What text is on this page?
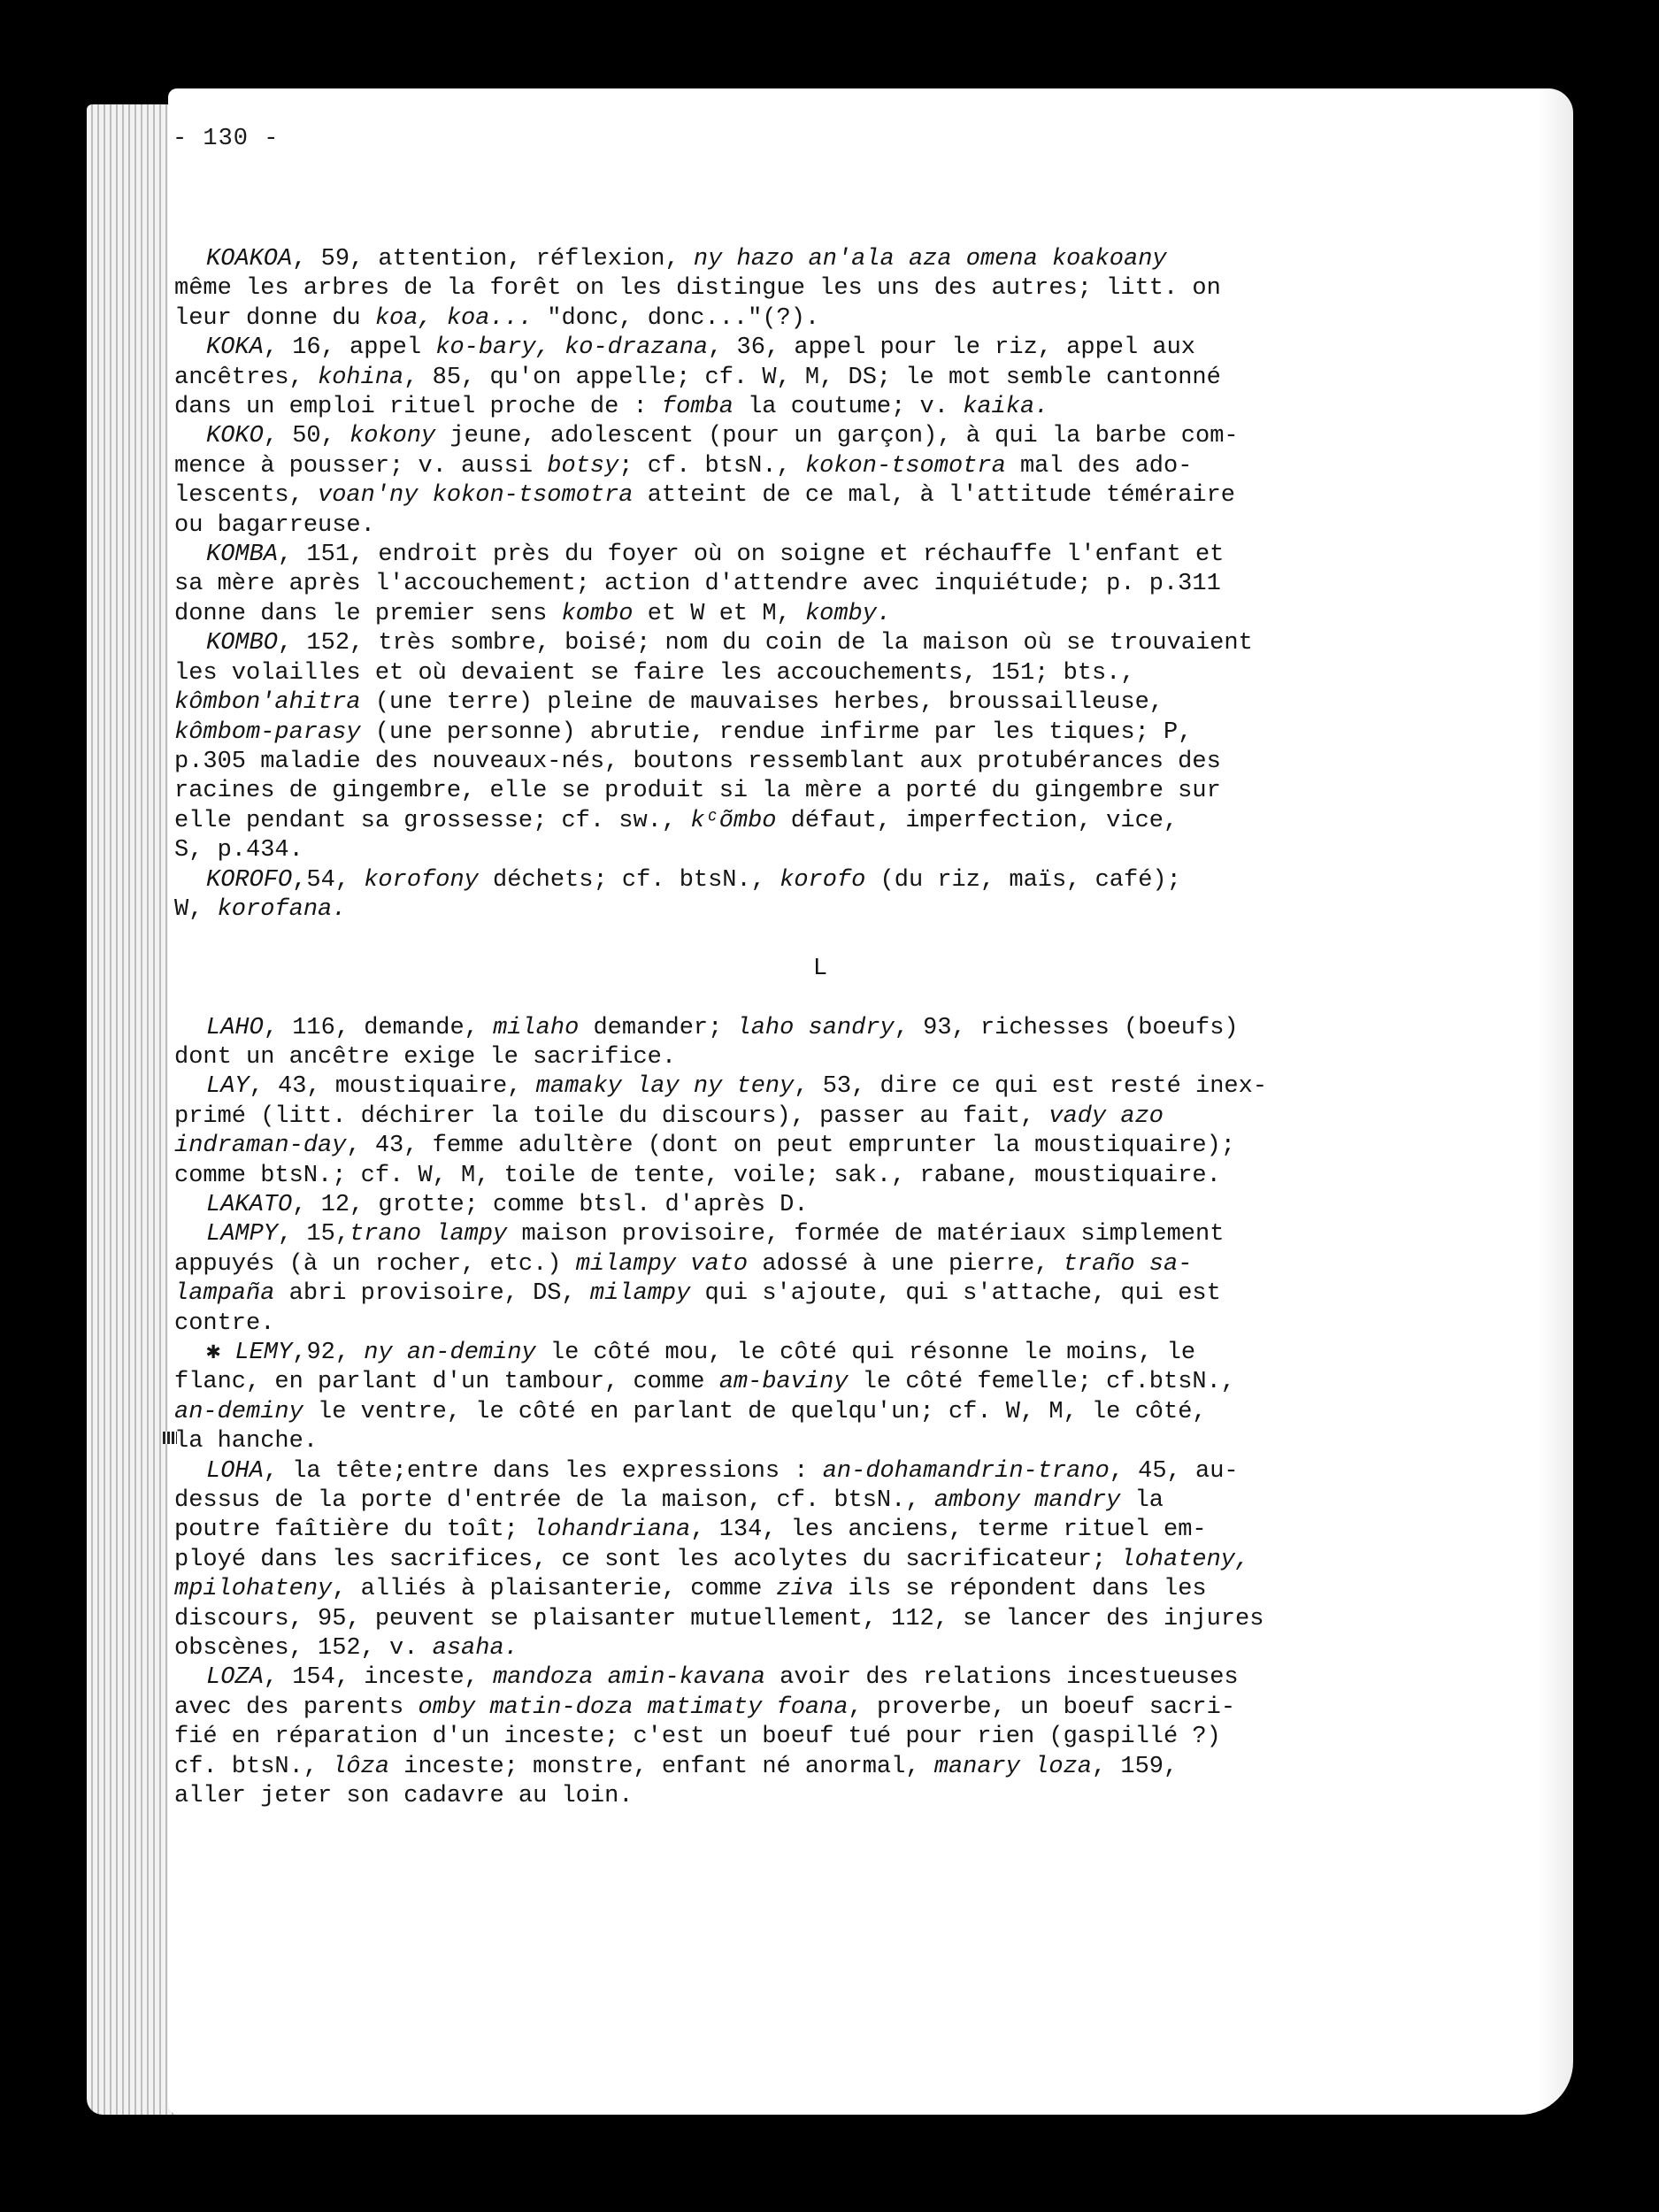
- 130 -

KOAKOA, 59, attention, réflexion, ny hazo an'ala aza omena koakoany

même les arbres de la forêt on les distingue les uns des autres; litt. on

leur donne du koa, koa... "donc, donc..."(?).

KOKA, 16, appel ko-bary, ko-drazana, 36, appel pour le riz, appel aux

ancêtres, kohina, 85, qu'on appelle; cf. W, M, DS; le mot semble cantonné

dans un emploi rituel proche de : fomba la coutume; v. kaika.

KOKO, 50, kokony jeune, adolescent (pour un garçon), à qui la barbe com-

mence à pousser; v. aussi botsy; cf. btsN., kokon-tsomotra mal des ado-

lescents, voan'ny kokon-tsomotra atteint de ce mal, à l'attitude téméraire

ou bagarreuse.

KOMBA, 151, endroit près du foyer où on soigne et réchauffe l'enfant et

sa mère après l'accouchement; action d'attendre avec inquiétude; p. p.311

donne dans le premier sens kombo et W et M, komby.

KOMBO, 152, très sombre, boisé; nom du coin de la maison où se trouvaient

les volailles et où devaient se faire les accouchements, 151; bts.,

kômbon'ahitra (une terre) pleine de mauvaises herbes, broussailleuse,

kômbom-parasy (une personne) abrutie, rendue infirme par les tiques; P,

p.305 maladie des nouveaux-nés, boutons ressemblant aux protubérances des

racines de gingembre, elle se produit si la mère a porté du gingembre sur

elle pendant sa grossesse; cf. sw., kᶜõmbo défaut, imperfection, vice,

S, p.434.

KOROFO,54, korofony déchets; cf. btsN., korofo (du riz, maïs, café);

W, korofana.

L

LAHO, 116, demande, milaho demander; laho sandry, 93, richesses (boeufs)

dont un ancêtre exige le sacrifice.

LAY, 43, moustiquaire, mamaky lay ny teny, 53, dire ce qui est resté inex-

primé (litt. déchirer la toile du discours), passer au fait, vady azo

indraman-day, 43, femme adultère (dont on peut emprunter la moustiquaire);

comme btsN.; cf. W, M, toile de tente, voile; sak., rabane, moustiquaire.

LAKATO, 12, grotte; comme btsl. d'après D.

LAMPY, 15,trano lampy maison provisoire, formée de matériaux simplement

appuyés (à un rocher, etc.) milampy vato adossé à une pierre, traño sa-

lampaña abri provisoire, DS, milampy qui s'ajoute, qui s'attache, qui est

contre.

✱ LEMY,92, ny an-deminy le côté mou, le côté qui résonne le moins, le

flanc, en parlant d'un tambour, comme am-baviny le côté femelle; cf.btsN.,

an-deminy le ventre, le côté en parlant de quelqu'un; cf. W, M, le côté,

la hanche.

LOHA, la tête;entre dans les expressions : an-dohamandrin-trano, 45, au-

dessus de la porte d'entrée de la maison, cf. btsN., ambony mandry la

poutre faîtière du toît; lohandriana, 134, les anciens, terme rituel em-

ployé dans les sacrifices, ce sont les acolytes du sacrificateur; lohateny,

mpilohateny, alliés à plaisanterie, comme ziva ils se répondent dans les

discours, 95, peuvent se plaisanter mutuellement, 112, se lancer des injures

obscènes, 152, v. asaha.

LOZA, 154, inceste, mandoza amin-kavana avoir des relations incestueuses

avec des parents omby matin-doza matimaty foana, proverbe, un boeuf sacri-

fié en réparation d'un inceste; c'est un boeuf tué pour rien (gaspillé ?)

cf. btsN., lôza inceste; monstre, enfant né anormal, manary loza, 159,

aller jeter son cadavre au loin.
